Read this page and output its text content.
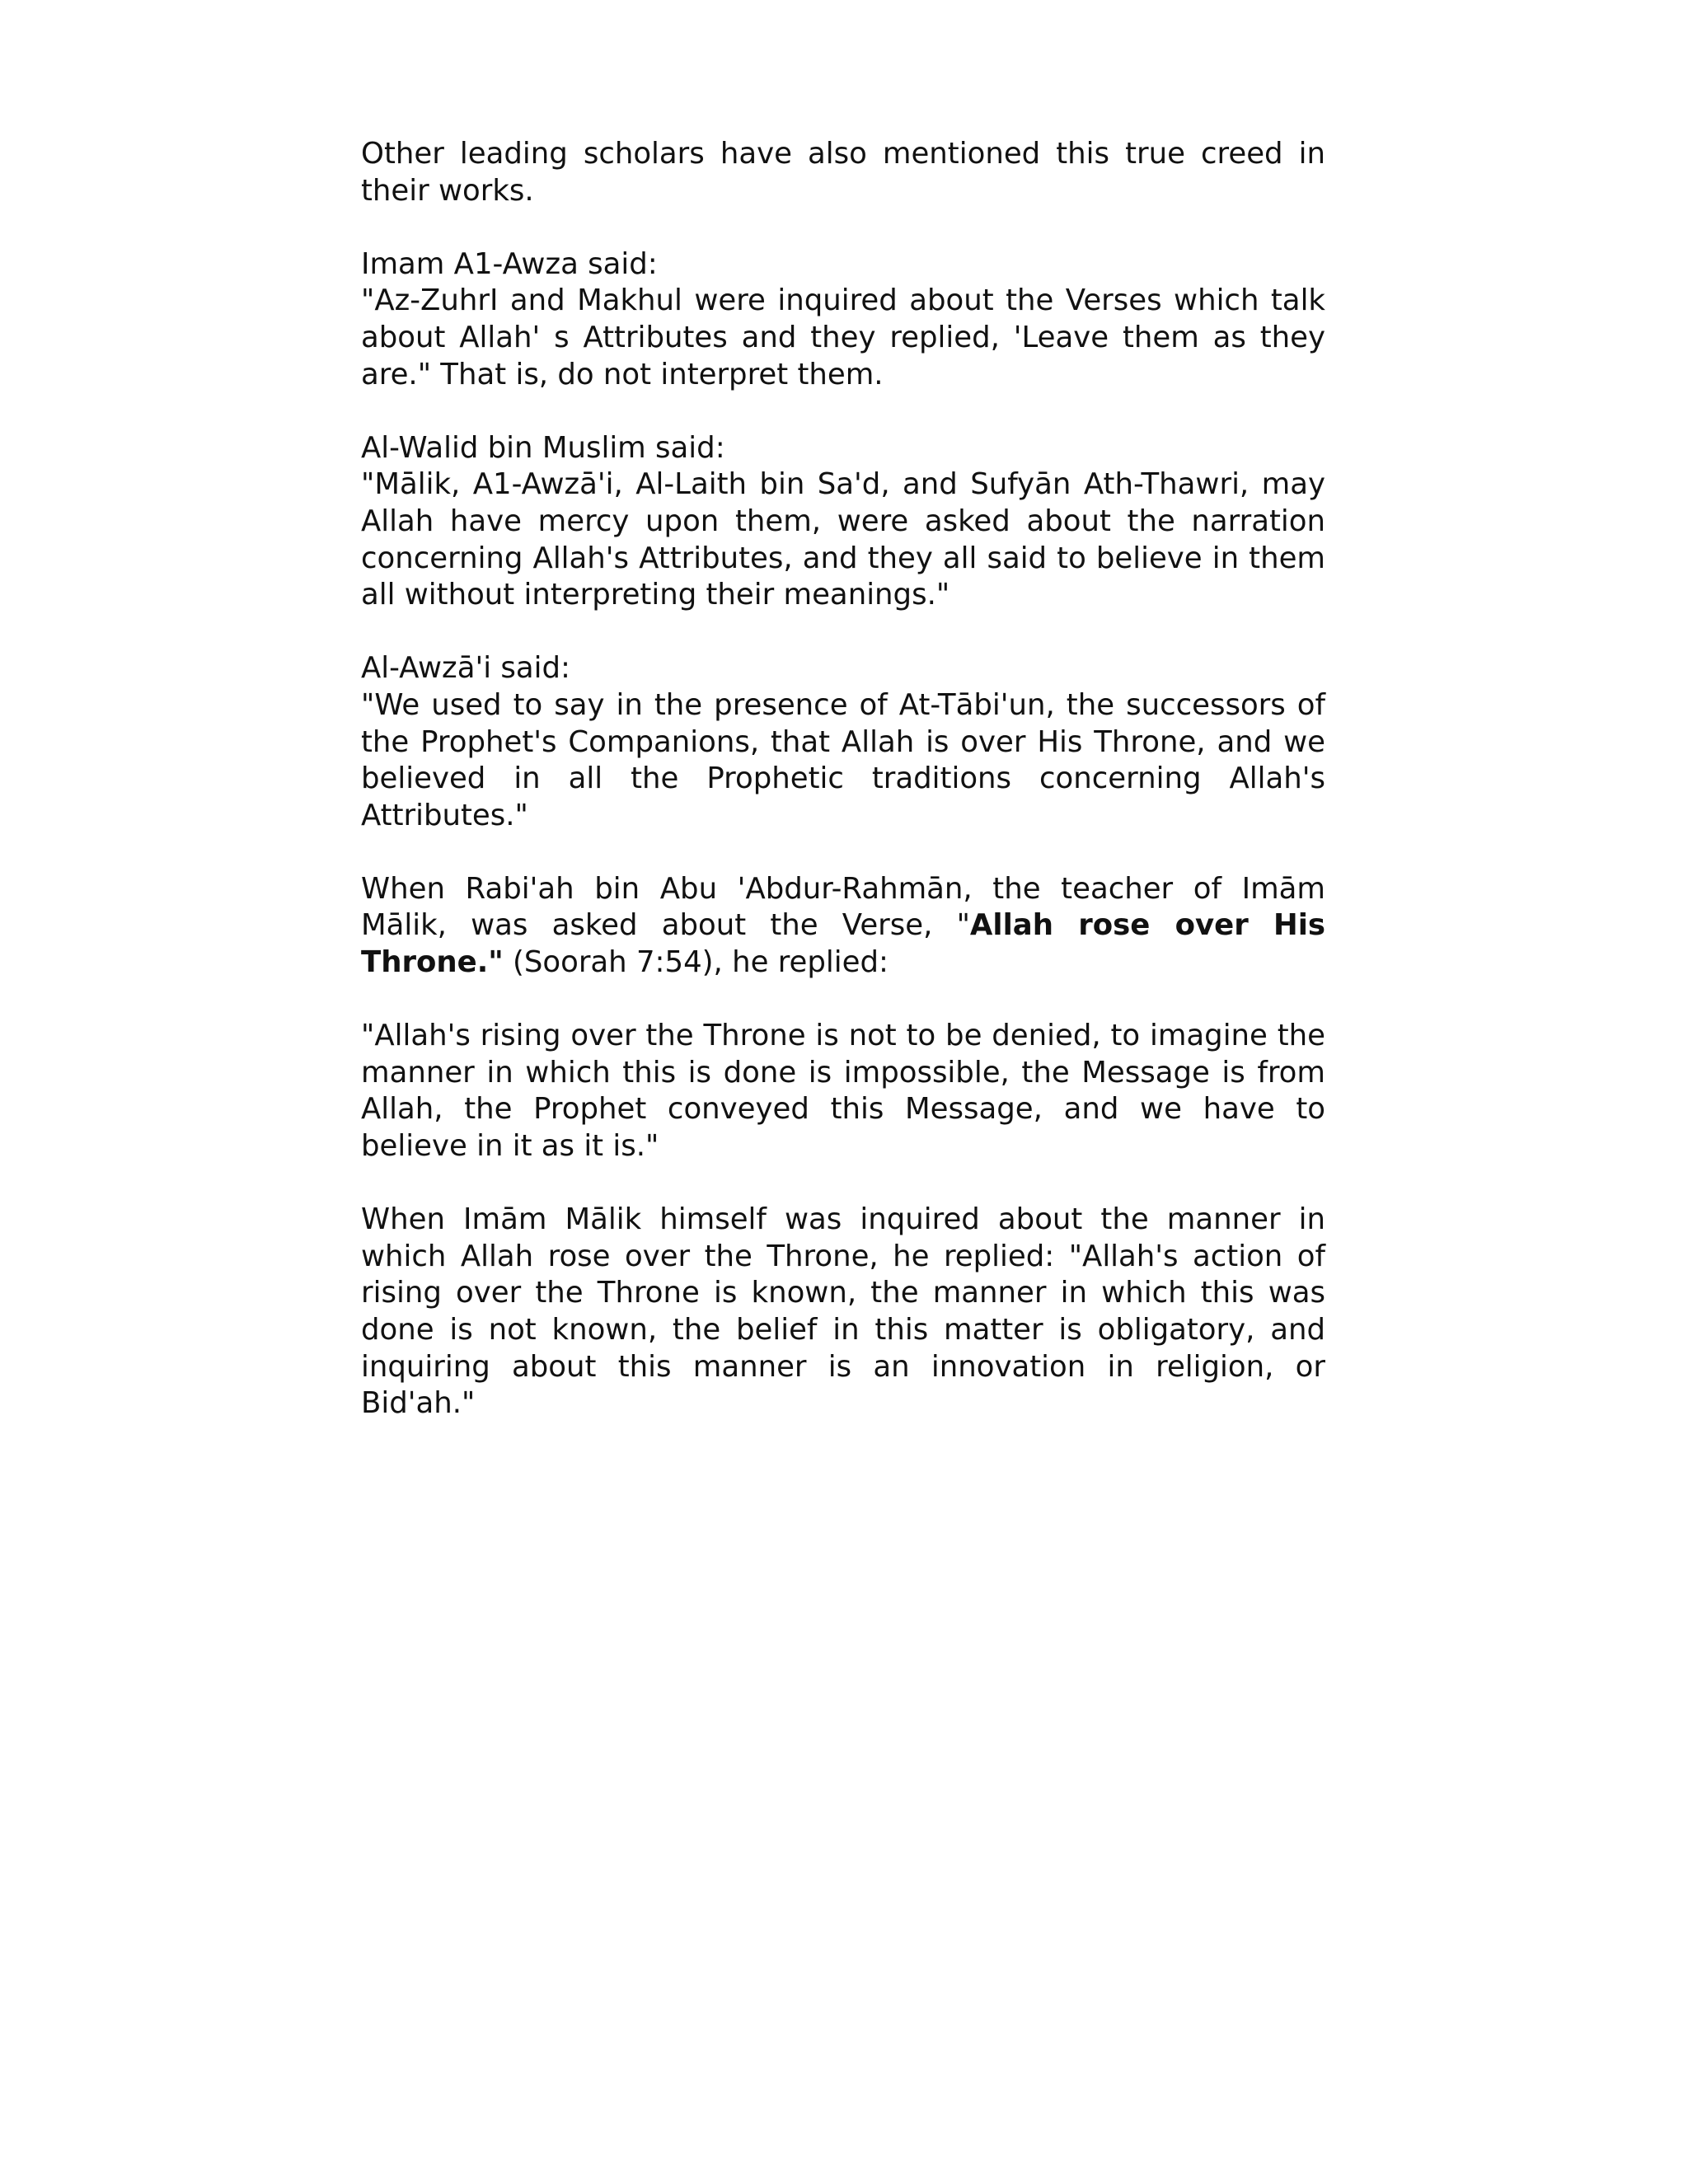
Other leading scholars have also mentioned this true creed in their works.

Imam A1-Awza said:
"Az-ZuhrI and Makhul were inquired about the Verses which talk about Allah' s Attributes and they replied, 'Leave them as they are." That is, do not interpret them.

Al-Walid bin Muslim said:
"Mālik, A1-Awzā'i, Al-Laith bin Sa'd, and Sufyān Ath-Thawri, may Allah have mercy upon them, were asked about the narration concerning Allah's Attributes, and they all said to believe in them all without interpreting their meanings."

Al-Awzā'i said:
"We used to say in the presence of At-Tābi'un, the successors of the Prophet's Companions, that Allah is over His Throne, and we believed in all the Prophetic traditions concerning Allah's Attributes."

When Rabi'ah bin Abu 'Abdur-Rahmān, the teacher of Imām Mālik, was asked about the Verse, "Allah rose over His Throne." (Soorah 7:54), he replied:

"Allah's rising over the Throne is not to be denied, to imagine the manner in which this is done is impossible, the Message is from Allah, the Prophet conveyed this Message, and we have to believe in it as it is."

When Imām Mālik himself was inquired about the manner in which Allah rose over the Throne, he replied: "Allah's action of rising over the Throne is known, the manner in which this was done is not known, the belief in this matter is obligatory, and inquiring about this manner is an innovation in religion, or Bid'ah."
